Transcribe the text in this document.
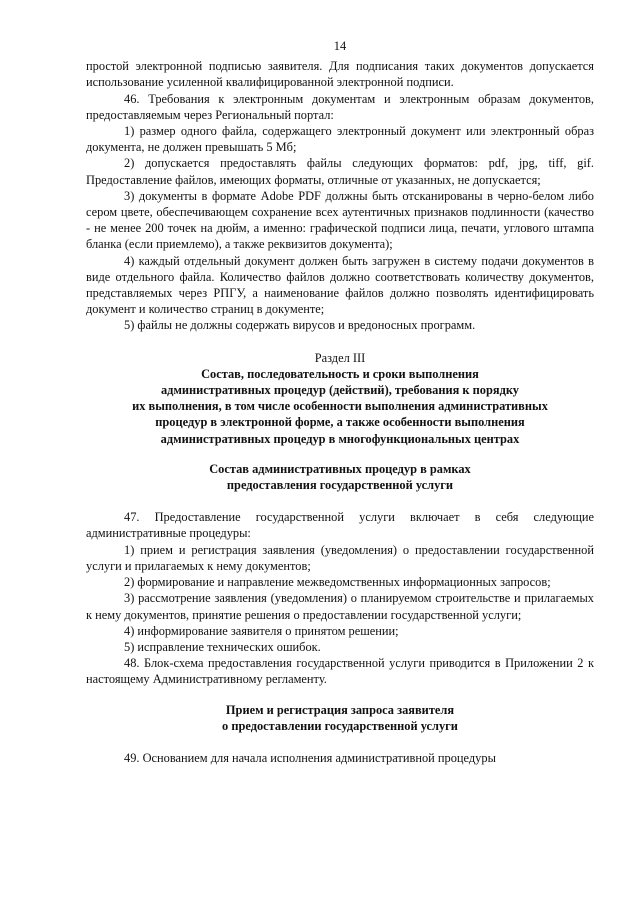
14

простой электронной подписью заявителя. Для подписания таких документов допускается использование усиленной квалифицированной электронной подписи.

46. Требования к электронным документам и электронным образам документов, предоставляемым через Региональный портал:

1) размер одного файла, содержащего электронный документ или электронный образ документа, не должен превышать 5 Мб;

2) допускается предоставлять файлы следующих форматов: pdf, jpg, tiff, gif. Предоставление файлов, имеющих форматы, отличные от указанных, не допускается;

3) документы в формате Adobe PDF должны быть отсканированы в черно-белом либо сером цвете, обеспечивающем сохранение всех аутентичных признаков подлинности (качество - не менее 200 точек на дюйм, а именно: графической подписи лица, печати, углового штампа бланка (если приемлемо), а также реквизитов документа);

4) каждый отдельный документ должен быть загружен в систему подачи документов в виде отдельного файла. Количество файлов должно соответствовать количеству документов, представляемых через РПГУ, а наименование файлов должно позволять идентифицировать документ и количество страниц в документе;

5) файлы не должны содержать вирусов и вредоносных программ.

Раздел III
Состав, последовательность и сроки выполнения
административных процедур (действий), требования к порядку
их выполнения, в том числе особенности выполнения административных
процедур в электронной форме, а также особенности выполнения
административных процедур в многофункциональных центрах
Состав административных процедур в рамках
предоставления государственной услуги

47. Предоставление государственной услуги включает в себя следующие административные процедуры:

1) прием и регистрация заявления (уведомления) о предоставлении государственной услуги и прилагаемых к нему документов;

2) формирование и направление межведомственных информационных запросов;

3) рассмотрение заявления (уведомления) о планируемом строительстве и прилагаемых к нему документов, принятие решения о предоставлении государственной услуги;

4) информирование заявителя о принятом решении;

5) исправление технических ошибок.

48. Блок-схема предоставления государственной услуги приводится в Приложении 2 к настоящему Административному регламенту.

Прием и регистрация запроса заявителя
о предоставлении государственной услуги

49. Основанием для начала исполнения административной процедуры
